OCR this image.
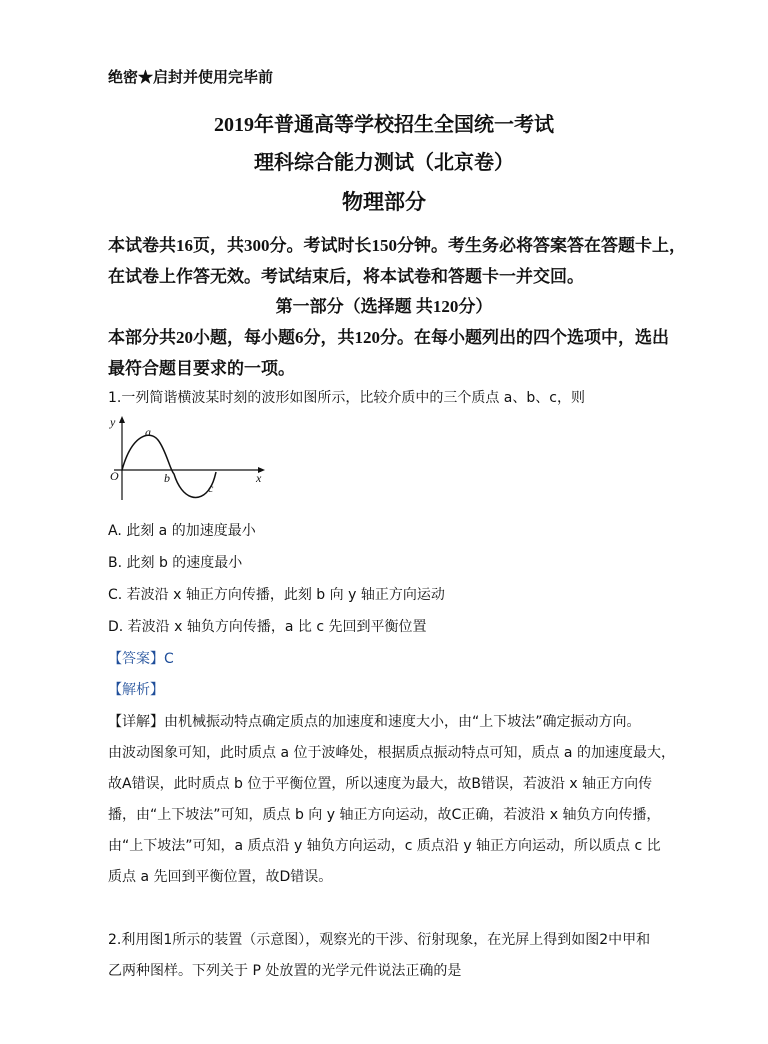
绝密★启封并使用完毕前
2019年普通高等学校招生全国统一考试
理科综合能力测试（北京卷）
物理部分
本试卷共16页，共300分。考试时长150分钟。考生务必将答案答在答题卡上，
在试卷上作答无效。考试结束后，将本试卷和答题卡一并交回。
第一部分（选择题 共120分）
本部分共20小题，每小题6分，共120分。在每小题列出的四个选项中，选出
最符合题目要求的一项。
1.一列简谐横波某时刻的波形如图所示，比较介质中的三个质点 a、b、c，则
y
x
O
a
b
c
A. 此刻 a 的加速度最小
B. 此刻 b 的速度最小
C. 若波沿 x 轴正方向传播，此刻 b 向 y 轴正方向运动
D. 若波沿 x 轴负方向传播，a 比 c 先回到平衡位置
【答案】C
【解析】
【详解】由机械振动特点确定质点的加速度和速度大小，由“上下坡法”确定振动方向。
由波动图象可知，此时质点 a 位于波峰处，根据质点振动特点可知，质点 a 的加速度最大，
故A错误，此时质点 b 位于平衡位置，所以速度为最大，故B错误，若波沿 x 轴正方向传
播，由“上下坡法”可知，质点 b 向 y 轴正方向运动，故C正确，若波沿 x 轴负方向传播，
由“上下坡法”可知，a 质点沿 y 轴负方向运动，c 质点沿 y 轴正方向运动，所以质点 c 比
质点 a 先回到平衡位置，故D错误。
2.利用图1所示的装置（示意图），观察光的干涉、衍射现象，在光屏上得到如图2中甲和
乙两种图样。下列关于 P 处放置的光学元件说法正确的是
